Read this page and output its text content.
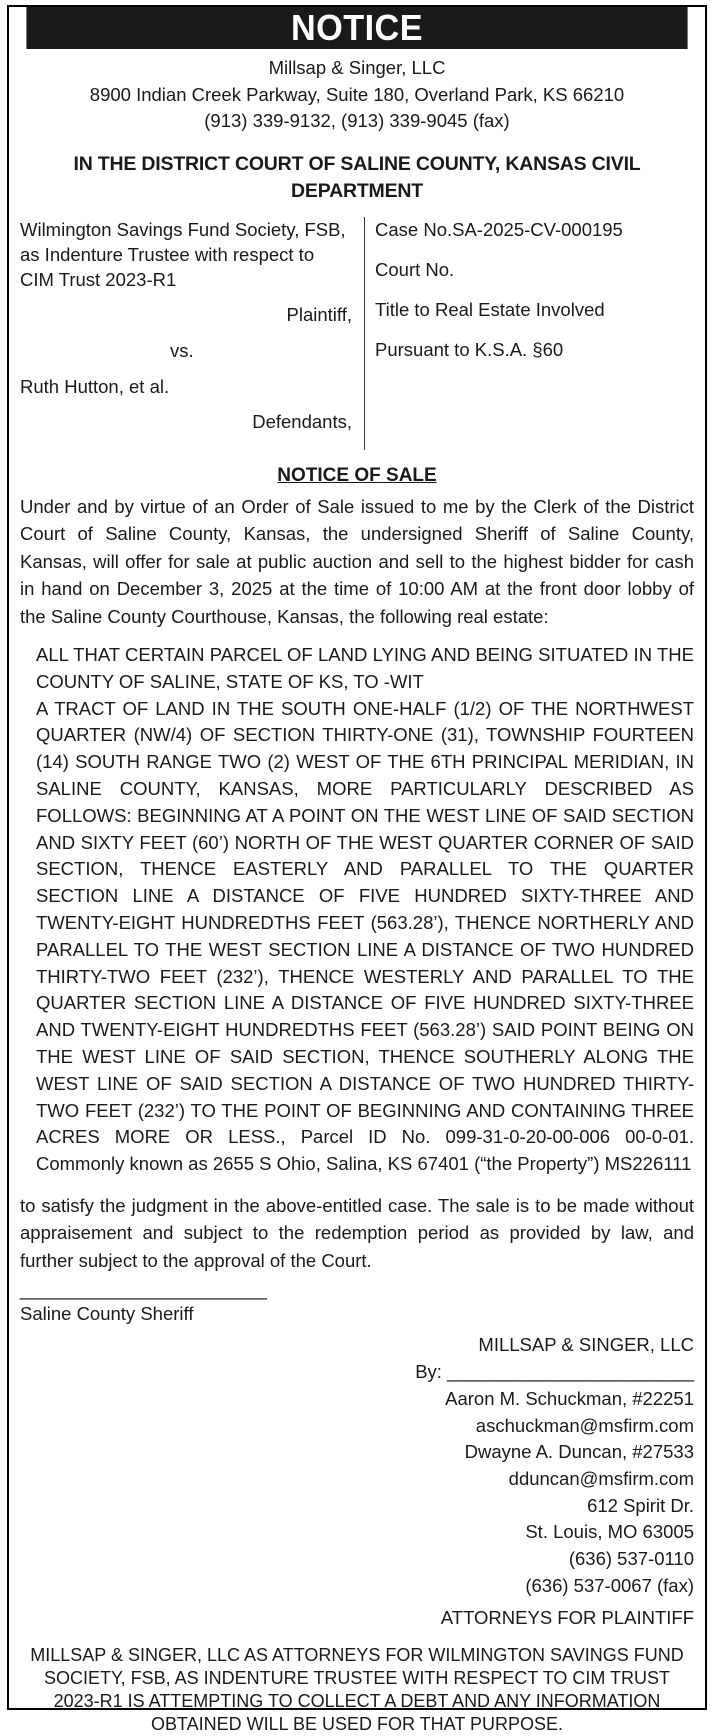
NOTICE
Millsap & Singer, LLC
8900 Indian Creek Parkway, Suite 180, Overland Park, KS 66210
(913) 339-9132, (913) 339-9045 (fax)
IN THE DISTRICT COURT OF SALINE COUNTY, KANSAS CIVIL DEPARTMENT
Wilmington Savings Fund Society, FSB,
as Indenture Trustee with respect to
CIM Trust 2023-R1
Plaintiff,
vs.
Ruth Hutton, et al.
Defendants,
Case No.SA-2025-CV-000195
Court No.
Title to Real Estate Involved
Pursuant to K.S.A. §60
NOTICE OF SALE
Under and by virtue of an Order of Sale issued to me by the Clerk of the District Court of Saline County, Kansas, the undersigned Sheriff of Saline County, Kansas, will offer for sale at public auction and sell to the highest bidder for cash in hand on December 3, 2025 at the time of 10:00 AM at the front door lobby of the Saline County Courthouse, Kansas, the following real estate:
ALL THAT CERTAIN PARCEL OF LAND LYING AND BEING SITUATED IN THE COUNTY OF SALINE, STATE OF KS, TO -WIT
A TRACT OF LAND IN THE SOUTH ONE-HALF (1/2) OF THE NORTHWEST QUARTER (NW/4) OF SECTION THIRTY-ONE (31), TOWNSHIP FOURTEEN (14) SOUTH RANGE TWO (2) WEST OF THE 6TH PRINCIPAL MERIDIAN, IN SALINE COUNTY, KANSAS, MORE PARTICULARLY DESCRIBED AS FOLLOWS: BEGINNING AT A POINT ON THE WEST LINE OF SAID SECTION AND SIXTY FEET (60’) NORTH OF THE WEST QUARTER CORNER OF SAID SECTION, THENCE EASTERLY AND PARALLEL TO THE QUARTER SECTION LINE A DISTANCE OF FIVE HUNDRED SIXTY-THREE AND TWENTY-EIGHT HUNDREDTHS FEET (563.28’), THENCE NORTHERLY AND PARALLEL TO THE WEST SECTION LINE A DISTANCE OF TWO HUNDRED THIRTY-TWO FEET (232’), THENCE WESTERLY AND PARALLEL TO THE QUARTER SECTION LINE A DISTANCE OF FIVE HUNDRED SIXTY-THREE AND TWENTY-EIGHT HUNDREDTHS FEET (563.28’) SAID POINT BEING ON THE WEST LINE OF SAID SECTION, THENCE SOUTHERLY ALONG THE WEST LINE OF SAID SECTION A DISTANCE OF TWO HUNDRED THIRTY-TWO FEET (232’) TO THE POINT OF BEGINNING AND CONTAINING THREE ACRES MORE OR LESS., Parcel ID No. 099-31-0-20-00-006 00-0-01. Commonly known as 2655 S Ohio, Salina, KS 67401 (“the Property”) MS226111
to satisfy the judgment in the above-entitled case. The sale is to be made without appraisement and subject to the redemption period as provided by law, and further subject to the approval of the Court.
________________________
Saline County Sheriff
MILLSAP & SINGER, LLC
By: ________________________
Aaron M. Schuckman, #22251
aschuckman@msfirm.com
Dwayne A. Duncan, #27533
dduncan@msfirm.com
612 Spirit Dr.
St. Louis, MO 63005
(636) 537-0110
(636) 537-0067 (fax)
ATTORNEYS FOR PLAINTIFF
MILLSAP & SINGER, LLC AS ATTORNEYS FOR WILMINGTON SAVINGS FUND SOCIETY, FSB, AS INDENTURE TRUSTEE WITH RESPECT TO CIM TRUST 2023-R1 IS ATTEMPTING TO COLLECT A DEBT AND ANY INFORMATION OBTAINED WILL BE USED FOR THAT PURPOSE.
